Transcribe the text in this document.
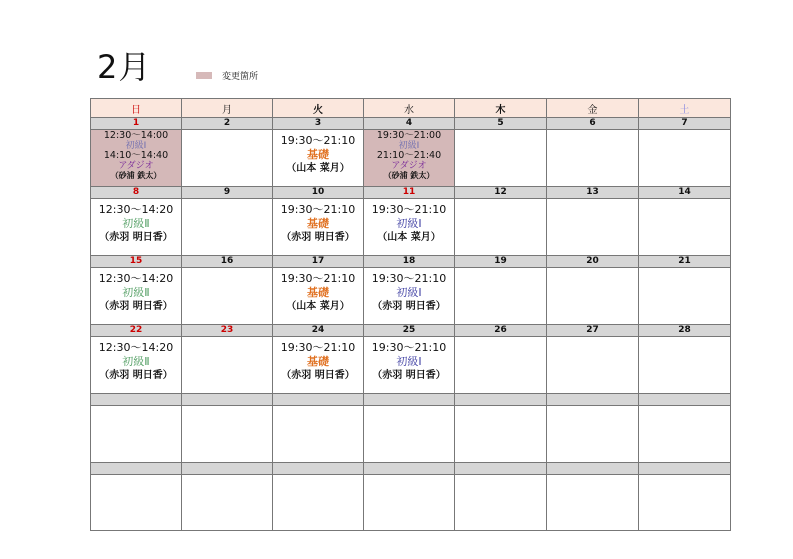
2月	変更箇所
日	月	火	水	木	金	土
1	2	3	4	5	6	7

12:30〜14:00
初級Ⅰ
14:10〜14:40
アダジオ
（砂浦 鉄太）		19:30〜21:10
基礎
（山本 菜月）	19:30〜21:00
初級Ⅰ
21:10〜21:40
アダジオ
（砂浦 鉄太）			

8	9	10	11	12	13	14

12:30〜14:20
初級Ⅱ
（赤羽 明日香）		19:30〜21:10
基礎
（赤羽 明日香）	19:30〜21:10
初級Ⅰ
（山本 菜月）			

15	16	17	18	19	20	21

12:30〜14:20
初級Ⅱ
（赤羽 明日香）		19:30〜21:10
基礎
（山本 菜月）	19:30〜21:10
初級Ⅰ
（赤羽 明日香）			

22	23	24	25	26	27	28

12:30〜14:20
初級Ⅱ
（赤羽 明日香）		19:30〜21:10
基礎
（赤羽 明日香）	19:30〜21:10
初級Ⅰ
（赤羽 明日香）			
